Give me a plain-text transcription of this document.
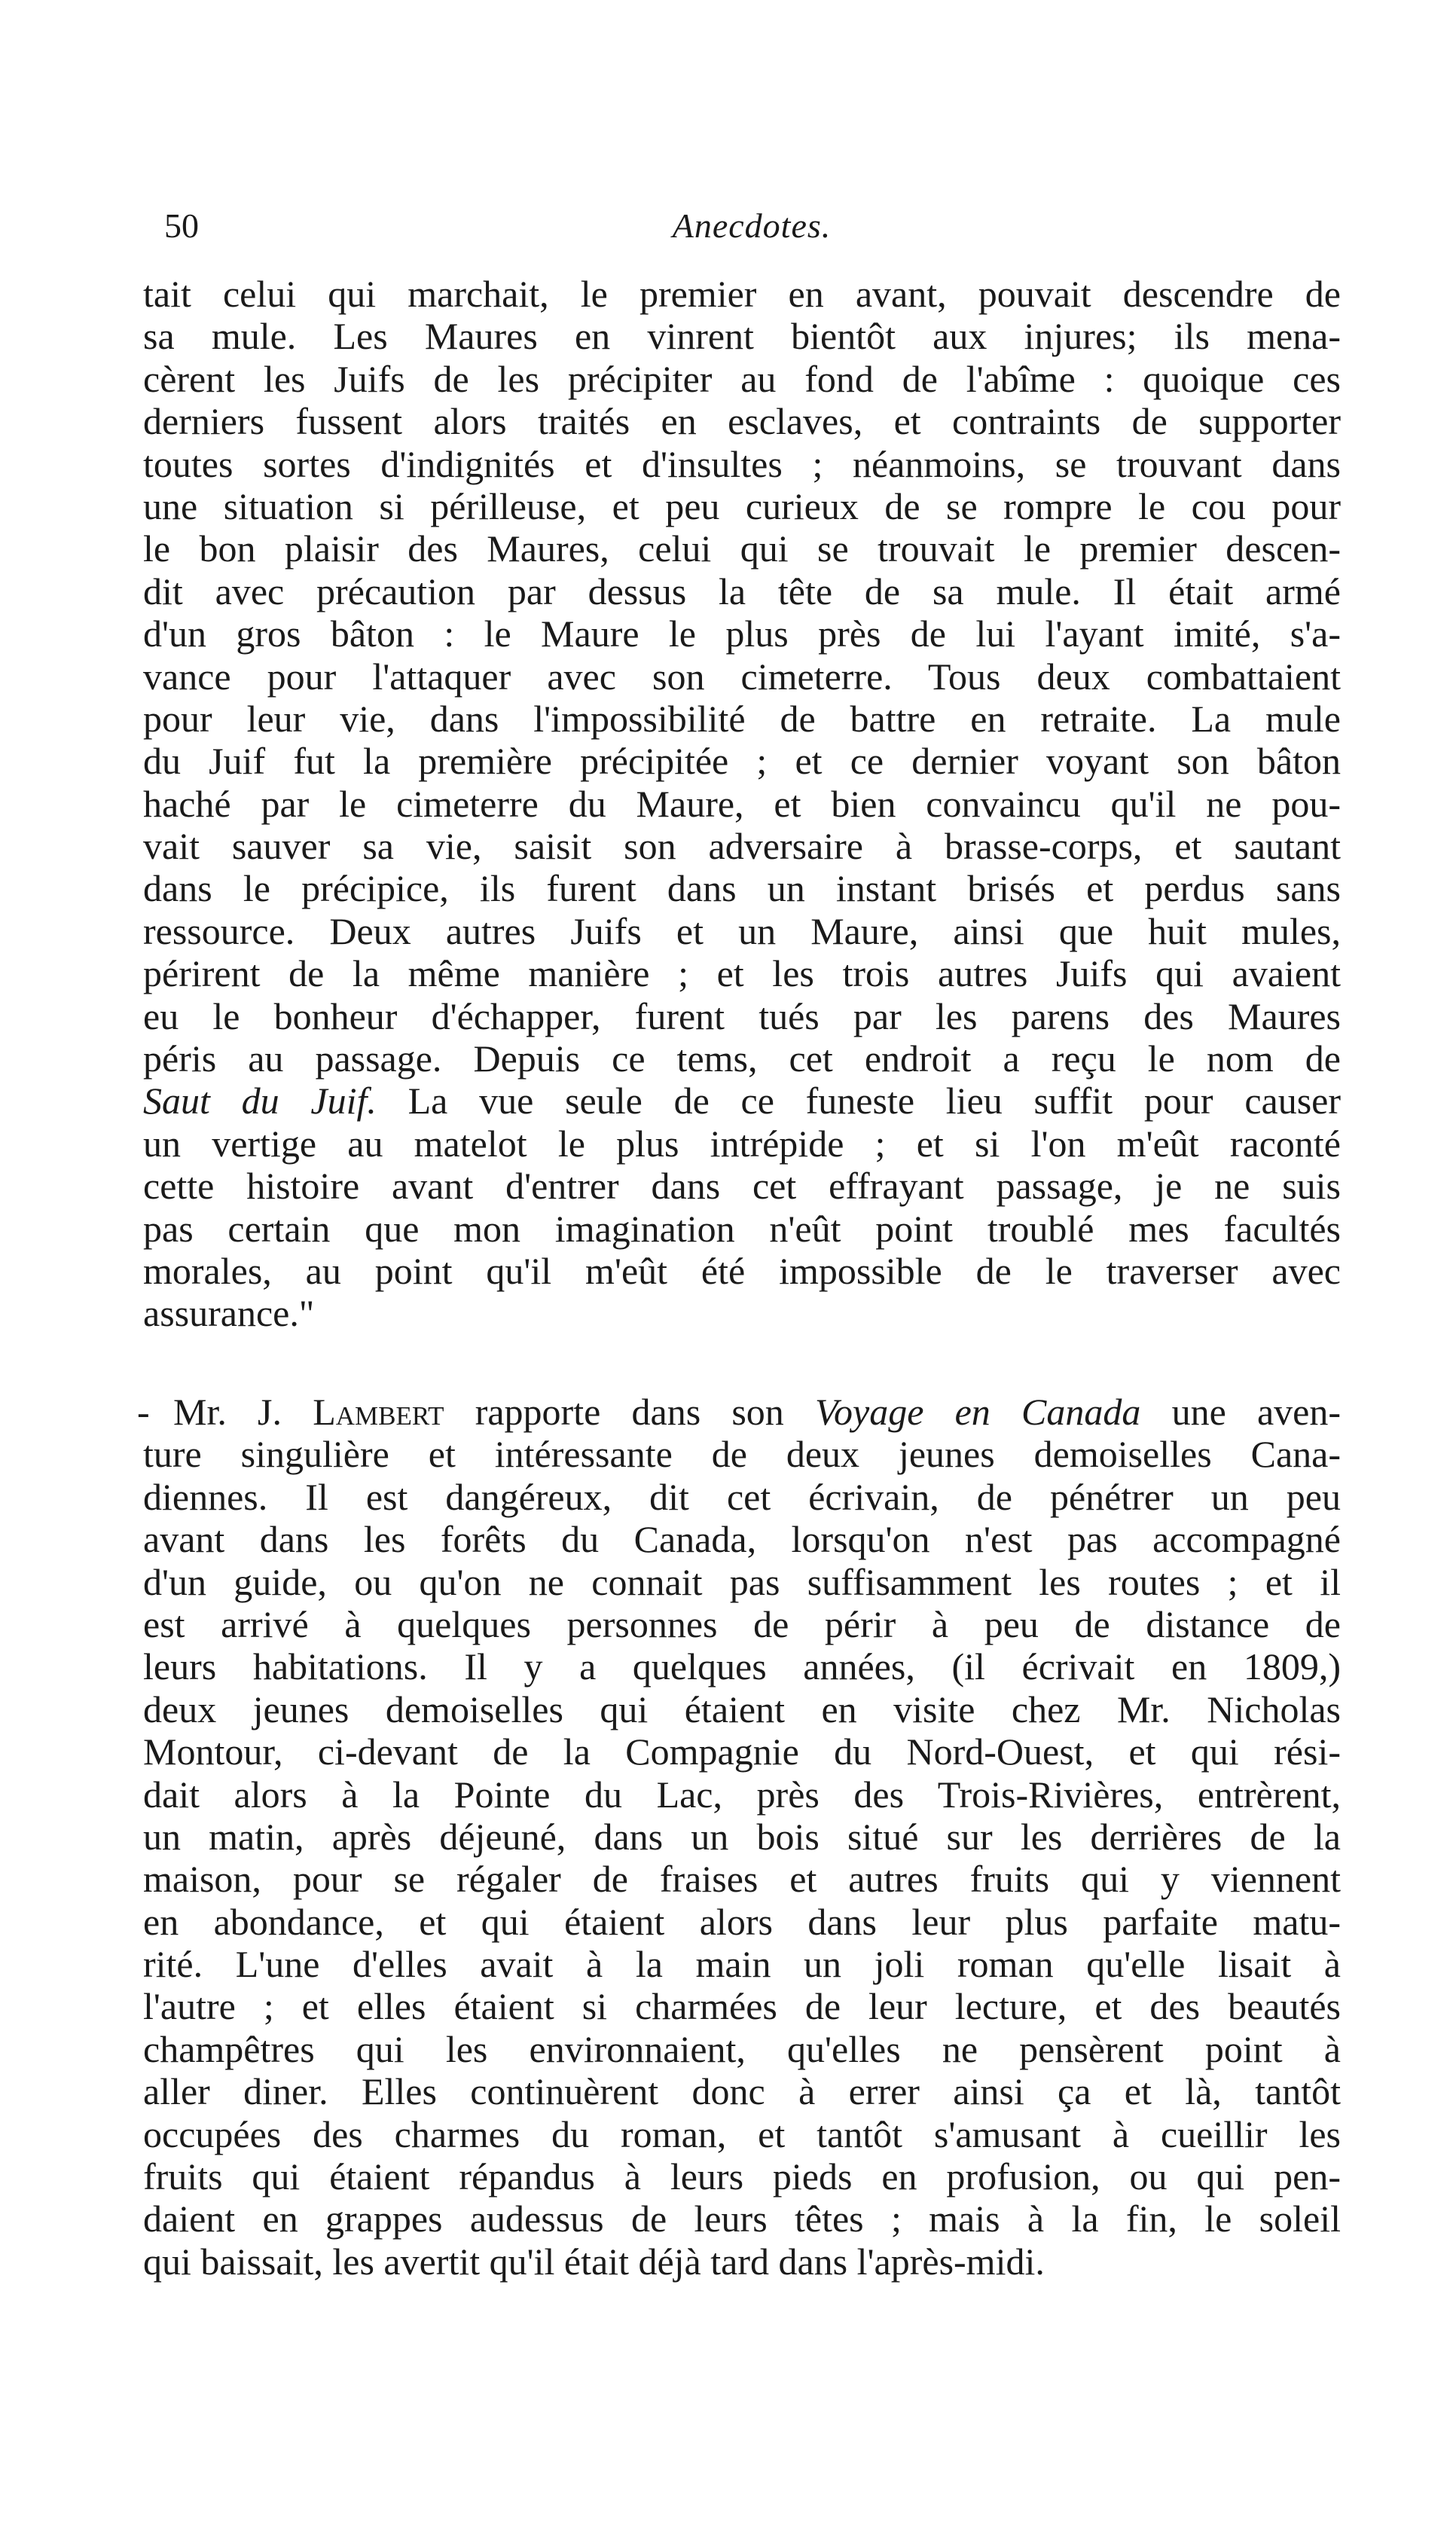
50	Anecdotes.
tait celui qui marchait, le premier en avant, pouvait descendre de
sa mule. Les Maures en vinrent bientôt aux injures; ils mena-
cèrent les Juifs de les précipiter au fond de l'abîme : quoique ces
derniers fussent alors traités en esclaves, et contraints de supporter
toutes sortes d'indignités et d'insultes ; néanmoins, se trouvant dans
une situation si périlleuse, et peu curieux de se rompre le cou pour
le bon plaisir des Maures, celui qui se trouvait le premier descen-
dit avec précaution par dessus la tête de sa mule. Il était armé
d'un gros bâton : le Maure le plus près de lui l'ayant imité, s'a-
vance pour l'attaquer avec son cimeterre. Tous deux combattaient
pour leur vie, dans l'impossibilité de battre en retraite. La mule
du Juif fut la première précipitée ; et ce dernier voyant son bâton
haché par le cimeterre du Maure, et bien convaincu qu'il ne pou-
vait sauver sa vie, saisit son adversaire à brasse-corps, et sautant
dans le précipice, ils furent dans un instant brisés et perdus sans
ressource. Deux autres Juifs et un Maure, ainsi que huit mules,
périrent de la même manière ; et les trois autres Juifs qui avaient
eu le bonheur d'échapper, furent tués par les parens des Maures
péris au passage. Depuis ce tems, cet endroit a reçu le nom de
Saut du Juif. La vue seule de ce funeste lieu suffit pour causer
un vertige au matelot le plus intrépide ; et si l'on m'eût raconté
cette histoire avant d'entrer dans cet effrayant passage, je ne suis
pas certain que mon imagination n'eût point troublé mes facultés
morales, au point qu'il m'eût été impossible de le traverser avec
assurance."
- Mr. J. Lambert rapporte dans son Voyage en Canada une aven-
ture singulière et intéressante de deux jeunes demoiselles Cana-
diennes. Il est dangéreux, dit cet écrivain, de pénétrer un peu
avant dans les forêts du Canada, lorsqu'on n'est pas accompagné
d'un guide, ou qu'on ne connait pas suffisamment les routes ; et il
est arrivé à quelques personnes de périr à peu de distance de
leurs habitations. Il y a quelques années, (il écrivait en 1809,)
deux jeunes demoiselles qui étaient en visite chez Mr. Nicholas
Montour, ci-devant de la Compagnie du Nord-Ouest, et qui rési-
dait alors à la Pointe du Lac, près des Trois-Rivières, entrèrent,
un matin, après déjeuné, dans un bois situé sur les derrières de la
maison, pour se régaler de fraises et autres fruits qui y viennent
en abondance, et qui étaient alors dans leur plus parfaite matu-
rité. L'une d'elles avait à la main un joli roman qu'elle lisait à
l'autre ; et elles étaient si charmées de leur lecture, et des beautés
champêtres qui les environnaient, qu'elles ne pensèrent point à
aller diner. Elles continuèrent donc à errer ainsi ça et là, tantôt
occupées des charmes du roman, et tantôt s'amusant à cueillir les
fruits qui étaient répandus à leurs pieds en profusion, ou qui pen-
daient en grappes audessus de leurs têtes ; mais à la fin, le soleil
qui baissait, les avertit qu'il était déjà tard dans l'après-midi.
